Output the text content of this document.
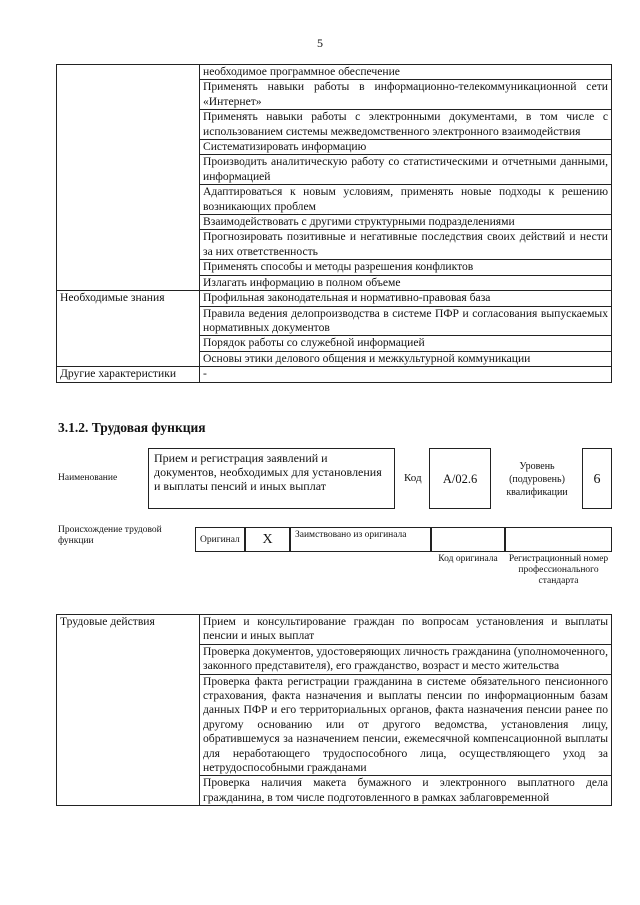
5
	необходимое программное обеспечение
	Применять навыки работы в информационно-телекоммуникационной сети «Интернет»
	Применять навыки работы с электронными документами, в том числе с использованием системы межведомственного электронного взаимодействия
	Систематизировать информацию
	Производить аналитическую работу со статистическими и отчетными данными, информацией
	Адаптироваться к новым условиям, применять новые подходы к решению возникающих проблем
	Взаимодействовать с другими структурными подразделениями
	Прогнозировать позитивные и негативные последствия своих действий и нести за них ответственность
	Применять способы и методы разрешения конфликтов
	Излагать информацию в полном объеме
Необходимые знания	Профильная законодательная и нормативно-правовая база
	Правила ведения делопроизводства в системе ПФР и согласования выпускаемых нормативных документов
	Порядок работы со служебной информацией
	Основы этики делового общения и межкультурной коммуникации
Другие характеристики	-
3.1.2. Трудовая функция
Наименование
Прием и регистрация заявлений и документов, необходимых для установления и выплаты пенсий и иных выплат
Код	А/02.6
Уровень (подуровень) квалификации
6
Происхождение трудовой функции	Оригинал	X	Заимствовано из оригинала
Код оригинала	Регистрационный номер профессионального стандарта
Трудовые действия	Прием и консультирование граждан по вопросам установления и выплаты пенсии и иных выплат
Проверка документов, удостоверяющих личность гражданина (уполномоченного, законного представителя), его гражданство, возраст и место жительства
Проверка факта регистрации гражданина в системе обязательного пенсионного страхования, факта назначения и выплаты пенсии по информационным базам данных ПФР и его территориальных органов, факта назначения пенсии ранее по другому основанию или от другого ведомства, установления лицу, обратившемуся за назначением пенсии, ежемесячной компенсационной выплаты для неработающего трудоспособного лица, осуществляющего уход за нетрудоспособными гражданами
Проверка наличия макета бумажного и электронного выплатного дела гражданина, в том числе подготовленного в рамках заблаговременной
